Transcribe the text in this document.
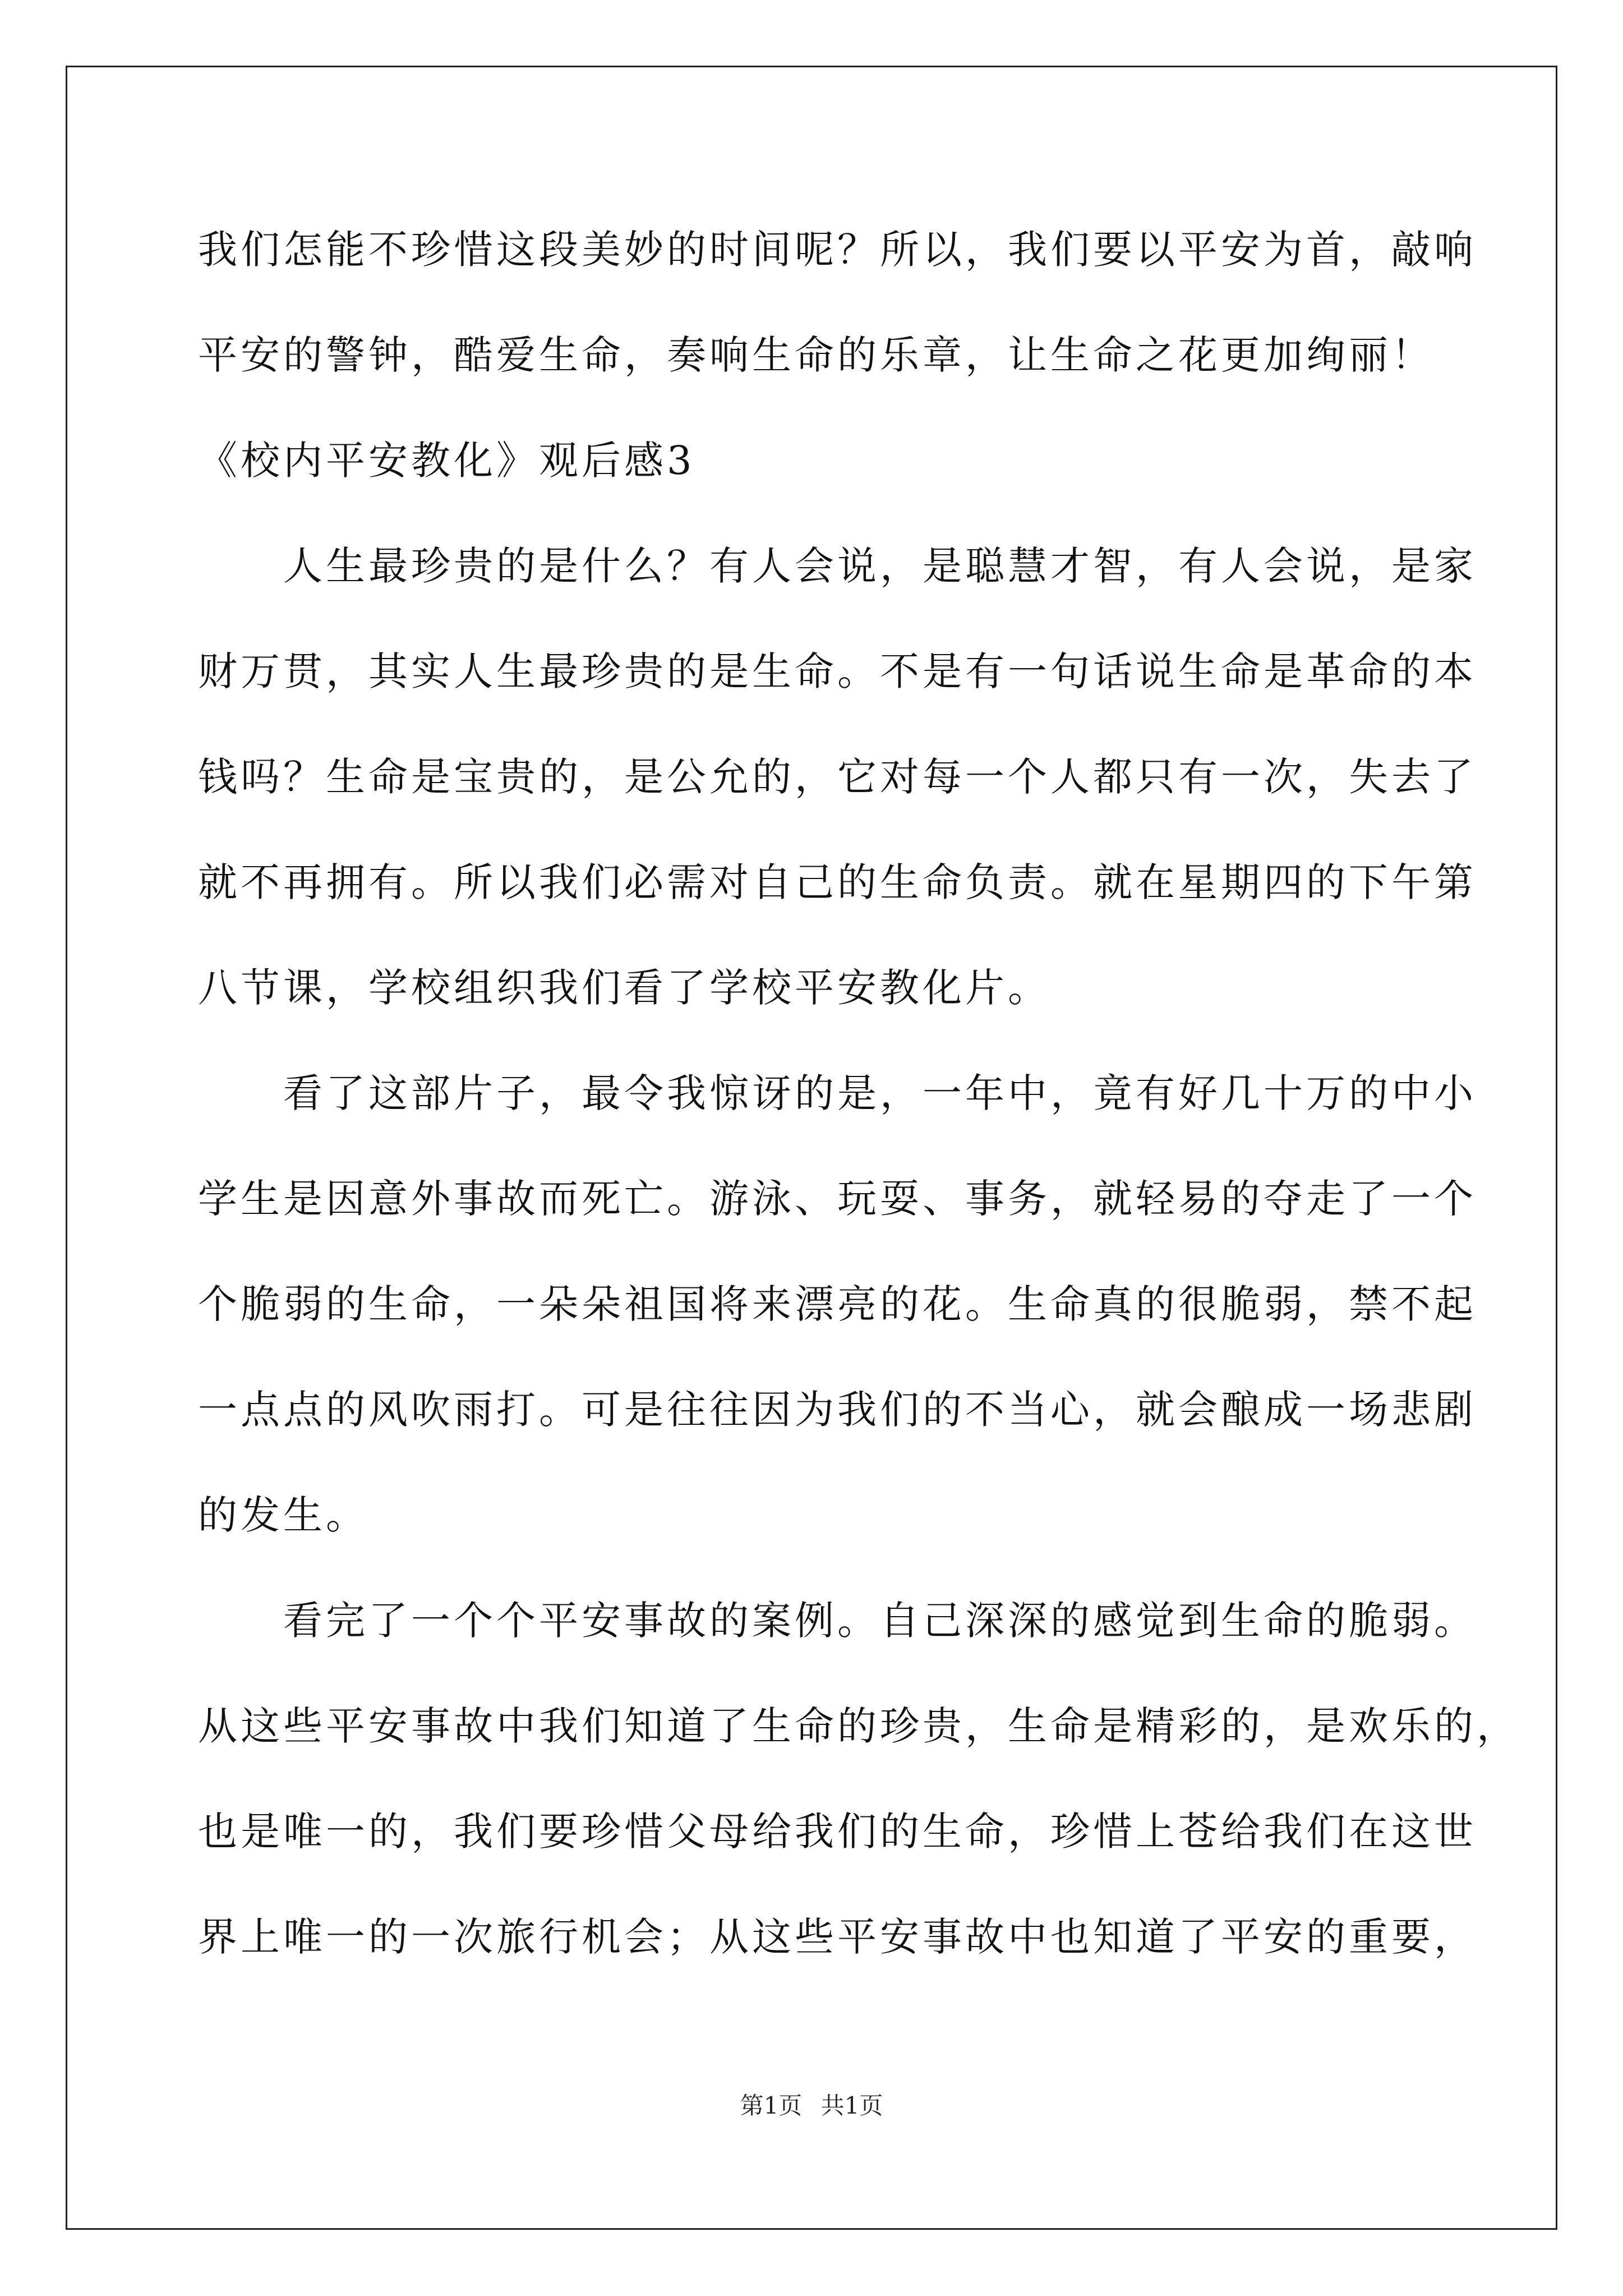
我们怎能不珍惜这段美妙的时间呢？所以，我们要以平安为首，敲响
平安的警钟，酷爱生命，奏响生命的乐章，让生命之花更加绚丽！
《校内平安教化》观后感3
　　人生最珍贵的是什么？有人会说，是聪慧才智，有人会说，是家
财万贯，其实人生最珍贵的是生命。不是有一句话说生命是革命的本
钱吗？生命是宝贵的，是公允的，它对每一个人都只有一次，失去了
就不再拥有。所以我们必需对自己的生命负责。就在星期四的下午第
八节课，学校组织我们看了学校平安教化片。
　　看了这部片子，最令我惊讶的是，一年中，竟有好几十万的中小
学生是因意外事故而死亡。游泳、玩耍、事务，就轻易的夺走了一个
个脆弱的生命，一朵朵祖国将来漂亮的花。生命真的很脆弱，禁不起
一点点的风吹雨打。可是往往因为我们的不当心，就会酿成一场悲剧
的发生。
　　看完了一个个平安事故的案例。自己深深的感觉到生命的脆弱。
从这些平安事故中我们知道了生命的珍贵，生命是精彩的，是欢乐的，
也是唯一的，我们要珍惜父母给我们的生命，珍惜上苍给我们在这世
界上唯一的一次旅行机会；从这些平安事故中也知道了平安的重要，
第1页 共1页
